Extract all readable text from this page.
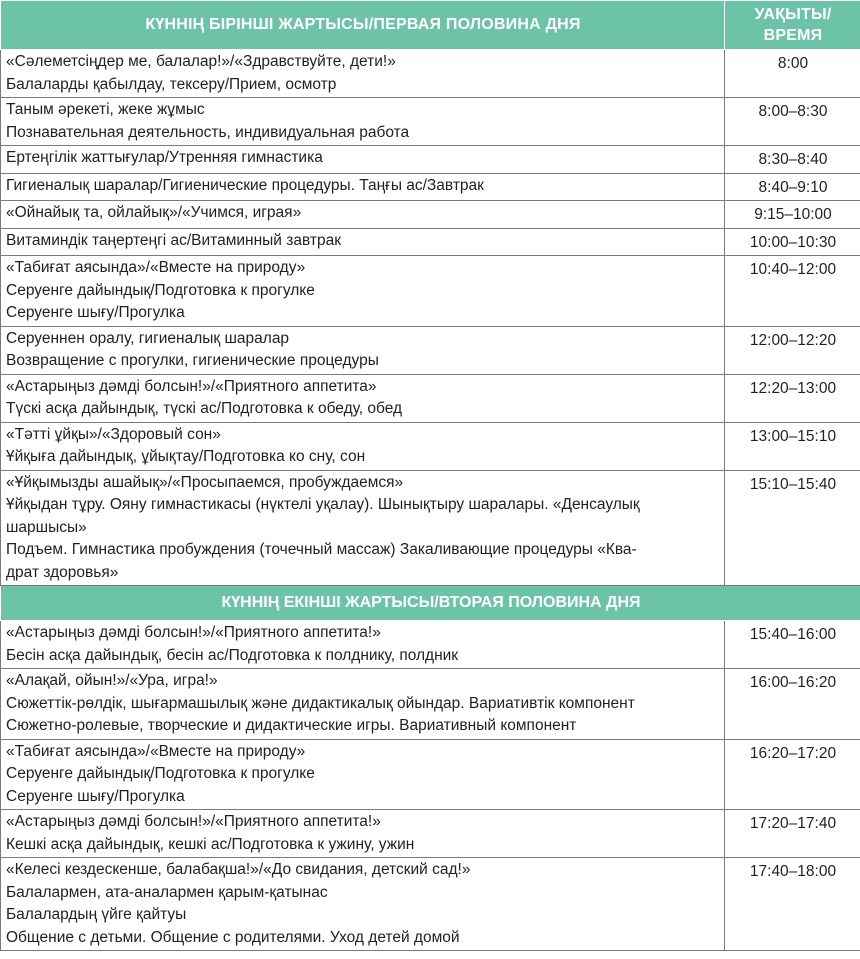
КҮННІҢ БІРІНШІ ЖАРТЫСЫ/ПЕРВАЯ ПОЛОВИНА ДНЯ	УАҚЫТЫ/
ВРЕМЯ

«Сәлеметсіңдер ме, балалар!»/«Здравствуйте, дети!»
Балаларды қабылдау, тексеру/Прием, осмотр	8:00

Таным әрекеті, жеке жұмыс
Познавательная деятельность, индивидуальная работа	8:00–8:30

Ертеңгілік жаттығулар/Утренняя гимнастика	8:30–8:40

Гигиеналық шаралар/Гигиенические процедуры. Таңғы ас/Завтрак	8:40–9:10

«Ойнайық та, ойлайық»/«Учимся, играя»	9:15–10:00

Витаминдік таңертеңгі ас/Витаминный завтрак	10:00–10:30

«Табиғат аясында»/«Вместе на природу»
Серуенге дайындық/Подготовка к прогулке
Серуенге шығу/Прогулка	10:40–12:00

Серуеннен оралу, гигиеналық шаралар
Возвращение с прогулки, гигиенические процедуры	12:00–12:20

«Астарыңыз дәмді болсын!»/«Приятного аппетита»
Түскі асқа дайындық, түскі ас/Подготовка к обеду, обед	12:20–13:00

«Тәтті ұйқы»/«Здоровый сон»
Ұйқыға дайындық, ұйықтау/Подготовка ко сну, сон	13:00–15:10

«Ұйқымызды ашайық»/«Просыпаемся, пробуждаемся»
Ұйқыдан тұру. Ояну гимнастикасы (нүктелі уқалау). Шынықтыру шаралары. «Денсаулық
шаршысы»
Подъем. Гимнастика пробуждения (точечный массаж) Закаливающие процедуры «Ква-
драт здоровья»	15:10–15:40
КҮННІҢ ЕКІНШІ ЖАРТЫСЫ/ВТОРАЯ ПОЛОВИНА ДНЯ	

«Астарыңыз дәмді болсын!»/«Приятного аппетита!»
Бесін асқа дайындық, бесін ас/Подготовка к полднику, полдник	15:40–16:00

«Алақай, ойын!»/«Ура, игра!»
Сюжеттік-рөлдік, шығармашылық және дидактикалық ойындар. Вариативтік компонент
Сюжетно-ролевые, творческие и дидактические игры. Вариативный компонент	16:00–16:20

«Табиғат аясында»/«Вместе на природу»
Серуенге дайындық/Подготовка к прогулке
Серуенге шығу/Прогулка	16:20–17:20

«Астарыңыз дәмді болсын!»/«Приятного аппетита!»
Кешкі асқа дайындық, кешкі ас/Подготовка к ужину, ужин	17:20–17:40

«Келесі кездескенше, балабақша!»/«До свидания, детский сад!»
Балалармен, ата-аналармен қарым-қатынас
Балалардың үйге қайтуы
Общение с детьми. Общение с родителями. Уход детей домой	17:40–18:00
